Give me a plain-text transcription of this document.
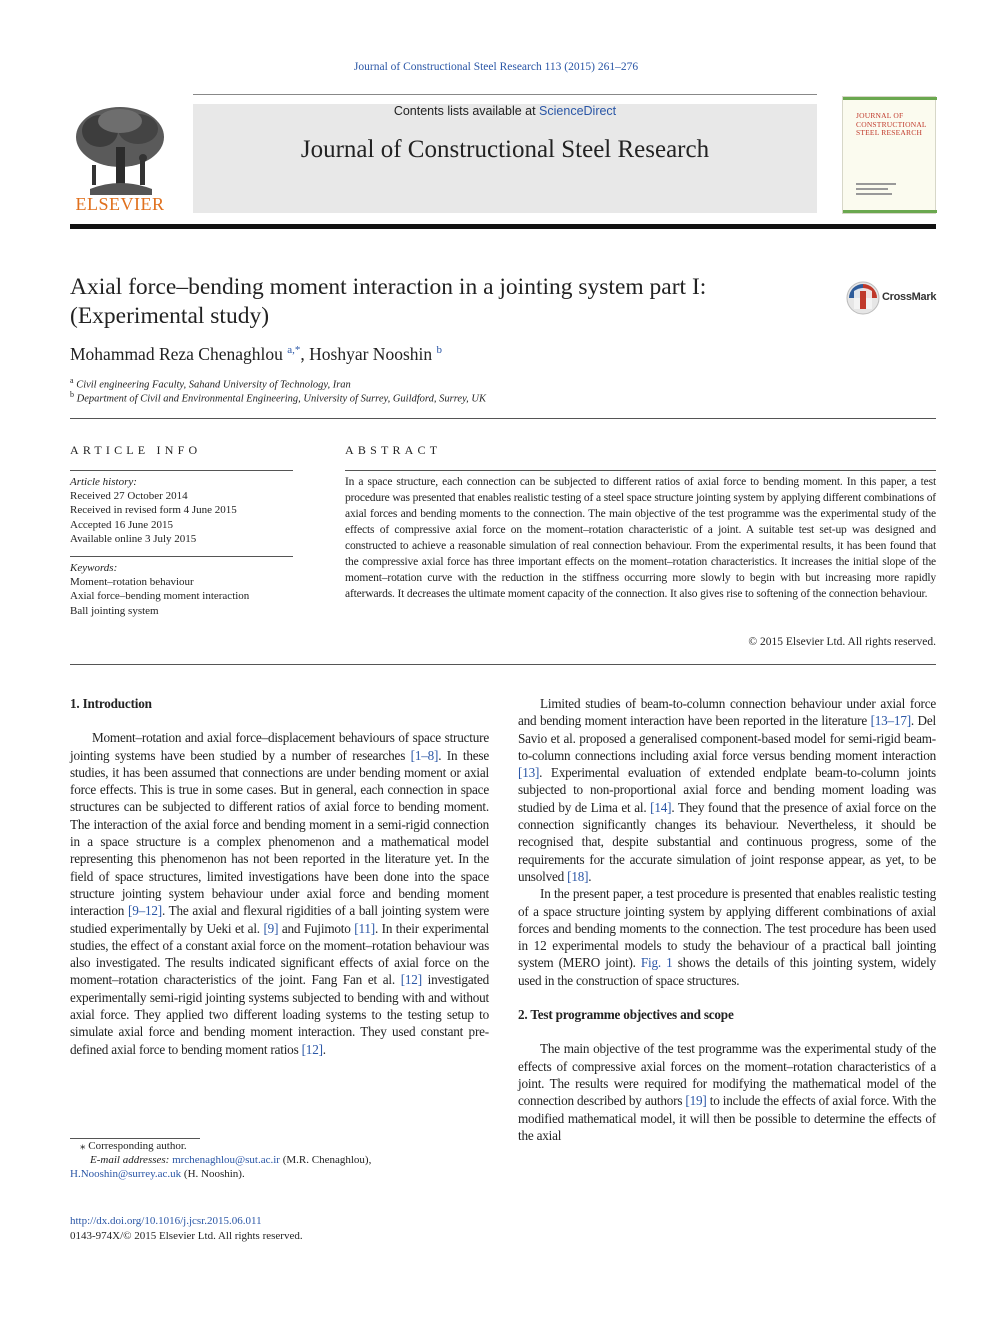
Journal of Constructional Steel Research 113 (2015) 261–276
ELSEVIER
Contents lists available at ScienceDirect
Journal of Constructional Steel Research
JOURNAL OF
CONSTRUCTIONAL
STEEL RESEARCH
Axial force–bending moment interaction in a jointing system part I:
(Experimental study)
CrossMark
Mohammad Reza Chenaghlou $^{a,*}$, Hoshyar Nooshin $^b$
$^a$ Civil engineering Faculty, Sahand University of Technology, Iran
$^b$ Department of Civil and Environmental Engineering, University of Surrey, Guildford, Surrey, UK
ARTICLE INFO	ABSTRACT
Article history:
Received 27 October 2014
Received in revised form 4 June 2015
Accepted 16 June 2015
Available online 3 July 2015
Keywords:
Moment–rotation behaviour
Axial force–bending moment interaction
Ball jointing system
In a space structure, each connection can be subjected to different ratios of axial force to bending moment. In this paper, a test procedure was presented that enables realistic testing of a steel space structure jointing system by applying different combinations of axial forces and bending moments to the connection. The main objective of the test programme was the experimental study of the effects of compressive axial force on the moment–rotation characteristic of a joint. A suitable test set-up was designed and constructed to achieve a reasonable simulation of real connection behaviour. From the experimental results, it has been found that the compressive axial force has three important effects on the moment–rotation characteristics. It increases the initial slope of the moment–rotation curve with the reduction in the stiffness occurring more slowly to begin with but increasing more rapidly afterwards. It decreases the ultimate moment capacity of the connection. It also gives rise to softening of the connection behaviour.
© 2015 Elsevier Ltd. All rights reserved.
1. Introduction

Moment–rotation and axial force–displacement behaviours of space structure jointing systems have been studied by a number of researches [1–8]. In these studies, it has been assumed that connections are under bending moment or axial force effects. This is true in some cases. But in general, each connection in space structures can be subjected to different ratios of axial force to bending moment. The interaction of the axial force and bending moment in a semi-rigid connection in a space structure is a complex phenomenon and a mathematical model representing this phenomenon has not been reported in the literature yet. In the field of space structures, limited investigations have been done into the space structure jointing system behaviour under axial force and bending moment interaction [9–12]. The axial and flexural rigidities of a ball jointing system were studied experimentally by Ueki et al. [9] and Fujimoto [11]. In their experimental studies, the effect of a constant axial force on the moment–rotation behaviour was also investigated. The results indicated significant effects of axial force on the moment–rotation characteristics of the joint. Fang Fan et al. [12] investigated experimentally semi-rigid jointing systems subjected to bending with and without axial force. They applied two different loading systems to the testing setup to simulate axial force and bending moment interaction. They used constant pre-defined axial force to bending moment ratios [12].

Limited studies of beam-to-column connection behaviour under axial force and bending moment interaction have been reported in the literature [13–17]. Del Savio et al. proposed a generalised component-based model for semi-rigid beam-to-column connections including axial force versus bending moment interaction [13]. Experimental evaluation of extended endplate beam-to-column joints subjected to non-proportional axial force and bending moment loading was studied by de Lima et al. [14]. They found that the presence of axial force on the connection significantly changes its behaviour. Nevertheless, it should be recognised that, despite substantial and continuous progress, some of the requirements for the accurate simulation of joint response appear, as yet, to be unsolved [18].

In the present paper, a test procedure is presented that enables realistic testing of a space structure jointing system by applying different combinations of axial forces and bending moments to the connection. The test procedure has been used in 12 experimental models to study the behaviour of a practical ball jointing system (MERO joint). Fig. 1 shows the details of this jointing system, widely used in the construction of space structures.

2. Test programme objectives and scope

The main objective of the test programme was the experimental study of the effects of compressive axial forces on the moment–rotation characteristics of a joint. The results were required for modifying the mathematical model of the connection described by authors [19] to include the effects of axial force. With the modified mathematical model, it will then be possible to determine the effects of the axial

⁎ Corresponding author.
E-mail addresses: mrchenaghlou@sut.ac.ir (M.R. Chenaghlou),
H.Nooshin@surrey.ac.uk (H. Nooshin).
http://dx.doi.org/10.1016/j.jcsr.2015.06.011
0143-974X/© 2015 Elsevier Ltd. All rights reserved.
